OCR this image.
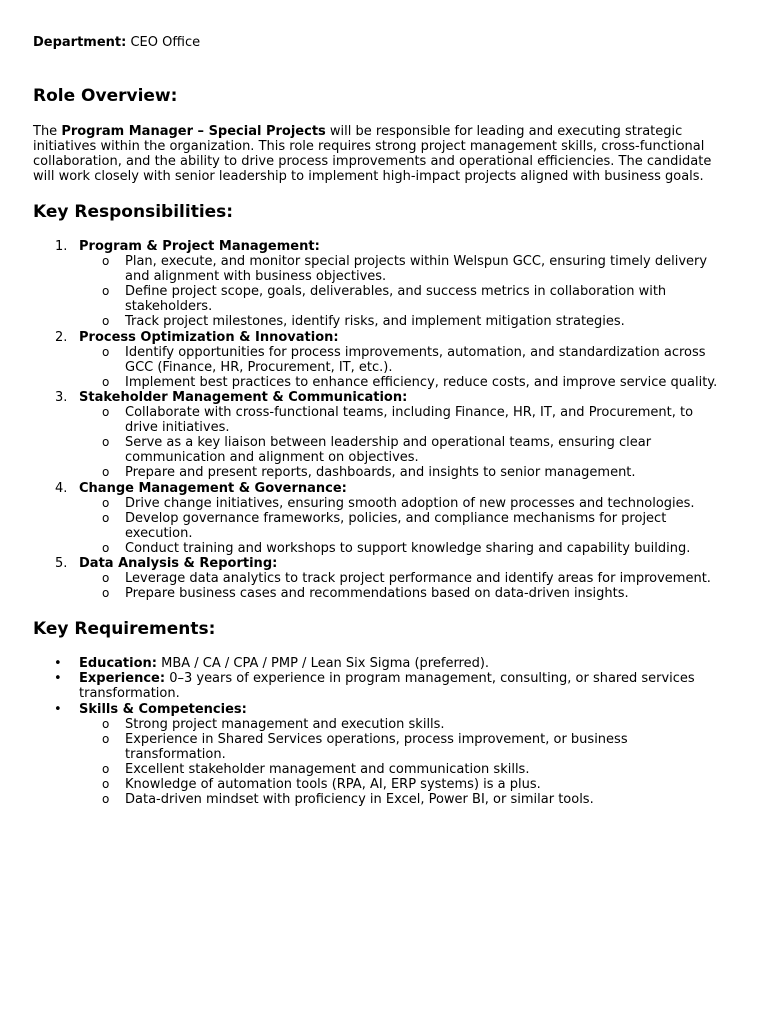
Department: CEO Office

Role Overview:

The Program Manager – Special Projects will be responsible for leading and executing strategic initiatives within the organization. This role requires strong project management skills, cross-functional collaboration, and the ability to drive process improvements and operational efficiencies. The candidate will work closely with senior leadership to implement high-impact projects aligned with business goals.

Key Responsibilities:
1. Program & Project Management:
o Plan, execute, and monitor special projects within Welspun GCC, ensuring timely delivery and alignment with business objectives.
o Define project scope, goals, deliverables, and success metrics in collaboration with stakeholders.
o Track project milestones, identify risks, and implement mitigation strategies.
2. Process Optimization & Innovation:
o Identify opportunities for process improvements, automation, and standardization across GCC (Finance, HR, Procurement, IT, etc.).
o Implement best practices to enhance efficiency, reduce costs, and improve service quality.
3. Stakeholder Management & Communication:
o Collaborate with cross-functional teams, including Finance, HR, IT, and Procurement, to drive initiatives.
o Serve as a key liaison between leadership and operational teams, ensuring clear communication and alignment on objectives.
o Prepare and present reports, dashboards, and insights to senior management.
4. Change Management & Governance:
o Drive change initiatives, ensuring smooth adoption of new processes and technologies.
o Develop governance frameworks, policies, and compliance mechanisms for project execution.
o Conduct training and workshops to support knowledge sharing and capability building.
5. Data Analysis & Reporting:
o Leverage data analytics to track project performance and identify areas for improvement.
o Prepare business cases and recommendations based on data-driven insights.
Key Requirements:
• Education: MBA / CA / CPA / PMP / Lean Six Sigma (preferred).
• Experience: 0–3 years of experience in program management, consulting, or shared services transformation.
• Skills & Competencies:
o Strong project management and execution skills.
o Experience in Shared Services operations, process improvement, or business transformation.
o Excellent stakeholder management and communication skills.
o Knowledge of automation tools (RPA, AI, ERP systems) is a plus.
o Data-driven mindset with proficiency in Excel, Power BI, or similar tools.
